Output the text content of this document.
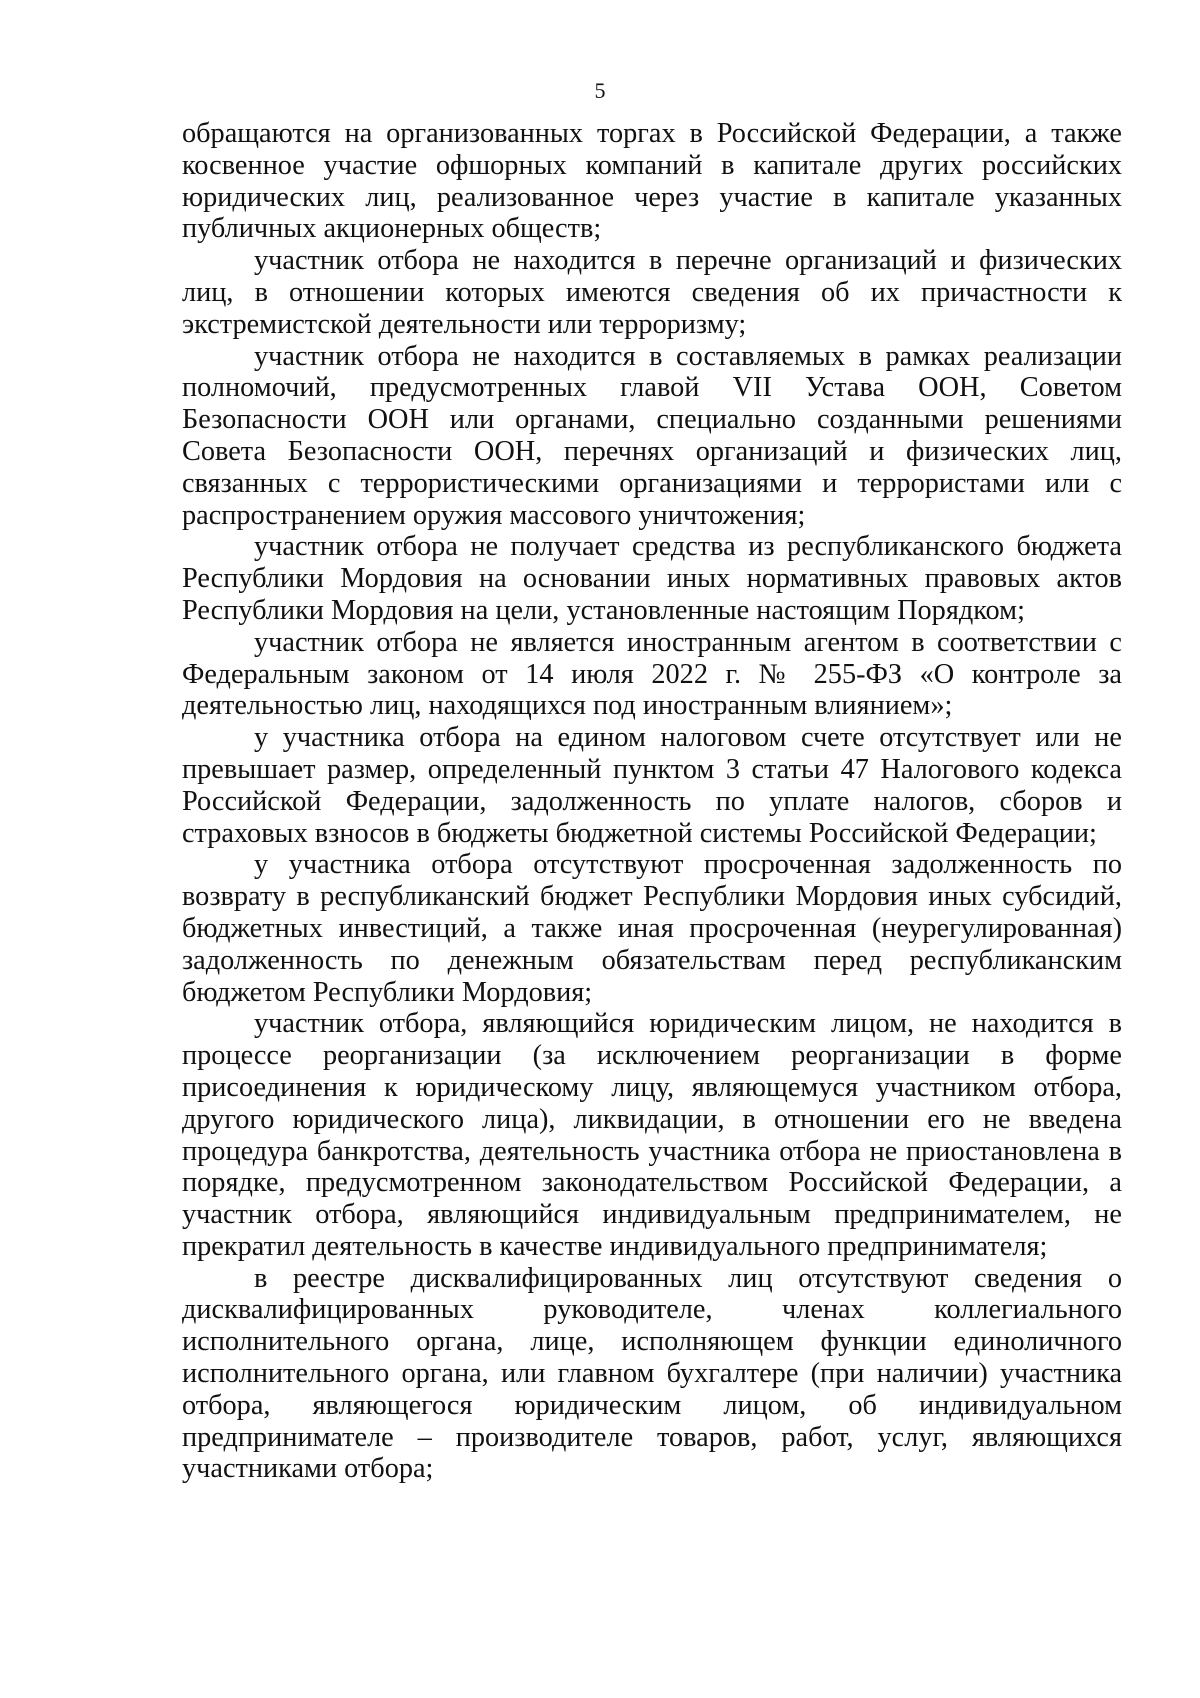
5

обращаются на организованных торгах в Российской Федерации, а также косвенное участие офшорных компаний в капитале других российских юридических лиц, реализованное через участие в капитале указанных публичных акционерных обществ;

участник отбора не находится в перечне организаций и физических лиц, в отношении которых имеются сведения об их причастности к экстремистской деятельности или терроризму;

участник отбора не находится в составляемых в рамках реализации полномочий, предусмотренных главой VII Устава ООН, Советом Безопасности ООН или органами, специально созданными решениями Совета Безопасности ООН, перечнях организаций и физических лиц, связанных с террористическими организациями и террористами или с распространением оружия массового уничтожения;

участник отбора не получает средства из республиканского бюджета Республики Мордовия на основании иных нормативных правовых актов Республики Мордовия на цели, установленные настоящим Порядком;

участник отбора не является иностранным агентом в соответствии с Федеральным законом от 14 июля 2022 г. № 255-ФЗ «О контроле за деятельностью лиц, находящихся под иностранным влиянием»;

у участника отбора на едином налоговом счете отсутствует или не превышает размер, определенный пунктом 3 статьи 47 Налогового кодекса Российской Федерации, задолженность по уплате налогов, сборов и страховых взносов в бюджеты бюджетной системы Российской Федерации;

у участника отбора отсутствуют просроченная задолженность по возврату в республиканский бюджет Республики Мордовия иных субсидий, бюджетных инвестиций, а также иная просроченная (неурегулированная) задолженность по денежным обязательствам перед республиканским бюджетом Республики Мордовия;

участник отбора, являющийся юридическим лицом, не находится в процессе реорганизации (за исключением реорганизации в форме присоединения к юридическому лицу, являющемуся участником отбора, другого юридического лица), ликвидации, в отношении его не введена процедура банкротства, деятельность участника отбора не приостановлена в порядке, предусмотренном законодательством Российской Федерации, а участник отбора, являющийся индивидуальным предпринимателем, не прекратил деятельность в качестве индивидуального предпринимателя;

в реестре дисквалифицированных лиц отсутствуют сведения о дисквалифицированных руководителе, членах коллегиального исполнительного органа, лице, исполняющем функции единоличного исполнительного органа, или главном бухгалтере (при наличии) участника отбора, являющегося юридическим лицом, об индивидуальном предпринимателе – производителе товаров, работ, услуг, являющихся участниками отбора;
